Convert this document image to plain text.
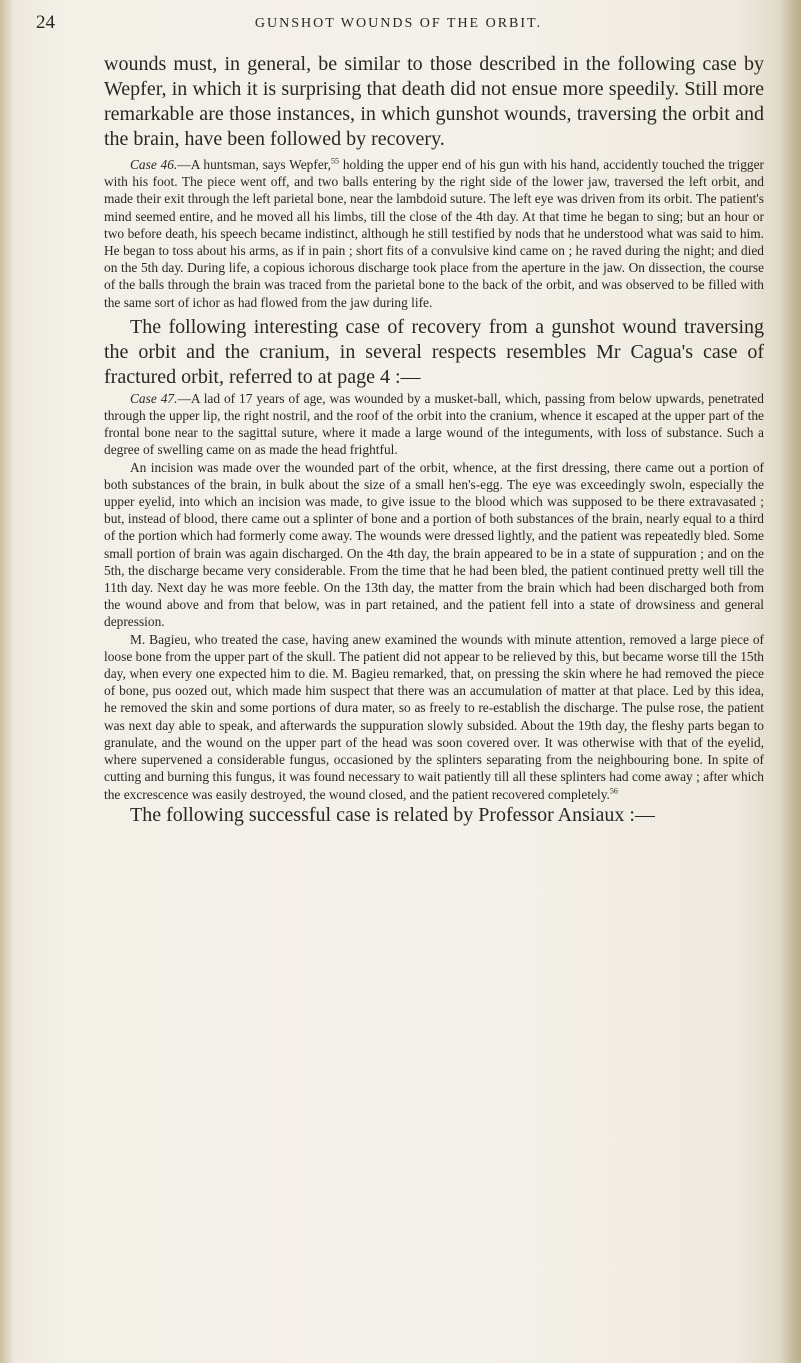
24	GUNSHOT WOUNDS OF THE ORBIT.

wounds must, in general, be similar to those described in the following case by Wepfer, in which it is surprising that death did not ensue more speedily. Still more remarkable are those instances, in which gunshot wounds, traversing the orbit and the brain, have been followed by recovery.

Case 46.—A huntsman, says Wepfer,$^{55}$ holding the upper end of his gun with his hand, accidently touched the trigger with his foot. The piece went off, and two balls entering by the right side of the lower jaw, traversed the left orbit, and made their exit through the left parietal bone, near the lambdoid suture. The left eye was driven from its orbit. The patient's mind seemed entire, and he moved all his limbs, till the close of the 4th day. At that time he began to sing; but an hour or two before death, his speech became indistinct, although he still testified by nods that he understood what was said to him. He began to toss about his arms, as if in pain ; short fits of a convulsive kind came on ; he raved during the night; and died on the 5th day. During life, a copious ichorous discharge took place from the aperture in the jaw. On dissection, the course of the balls through the brain was traced from the parietal bone to the back of the orbit, and was observed to be filled with the same sort of ichor as had flowed from the jaw during life.

The following interesting case of recovery from a gunshot wound traversing the orbit and the cranium, in several respects resembles Mr Cagua's case of fractured orbit, referred to at page 4 :—

Case 47.—A lad of 17 years of age, was wounded by a musket-ball, which, passing from below upwards, penetrated through the upper lip, the right nostril, and the roof of the orbit into the cranium, whence it escaped at the upper part of the frontal bone near to the sagittal suture, where it made a large wound of the integuments, with loss of substance. Such a degree of swelling came on as made the head frightful.

An incision was made over the wounded part of the orbit, whence, at the first dressing, there came out a portion of both substances of the brain, in bulk about the size of a small hen's-egg. The eye was exceedingly swoln, especially the upper eyelid, into which an incision was made, to give issue to the blood which was supposed to be there extravasated ; but, instead of blood, there came out a splinter of bone and a portion of both substances of the brain, nearly equal to a third of the portion which had formerly come away. The wounds were dressed lightly, and the patient was repeatedly bled. Some small portion of brain was again discharged. On the 4th day, the brain appeared to be in a state of suppuration ; and on the 5th, the discharge became very considerable. From the time that he had been bled, the patient continued pretty well till the 11th day. Next day he was more feeble. On the 13th day, the matter from the brain which had been discharged both from the wound above and from that below, was in part retained, and the patient fell into a state of drowsiness and general depression.

M. Bagieu, who treated the case, having anew examined the wounds with minute attention, removed a large piece of loose bone from the upper part of the skull. The patient did not appear to be relieved by this, but became worse till the 15th day, when every one expected him to die. M. Bagieu remarked, that, on pressing the skin where he had removed the piece of bone, pus oozed out, which made him suspect that there was an accumulation of matter at that place. Led by this idea, he removed the skin and some portions of dura mater, so as freely to re-establish the discharge. The pulse rose, the patient was next day able to speak, and afterwards the suppuration slowly subsided. About the 19th day, the fleshy parts began to granulate, and the wound on the upper part of the head was soon covered over. It was otherwise with that of the eyelid, where supervened a considerable fungus, occasioned by the splinters separating from the neighbouring bone. In spite of cutting and burning this fungus, it was found necessary to wait patiently till all these splinters had come away ; after which the excrescence was easily destroyed, the wound closed, and the patient recovered completely.$^{56}$

The following successful case is related by Professor Ansiaux :—
